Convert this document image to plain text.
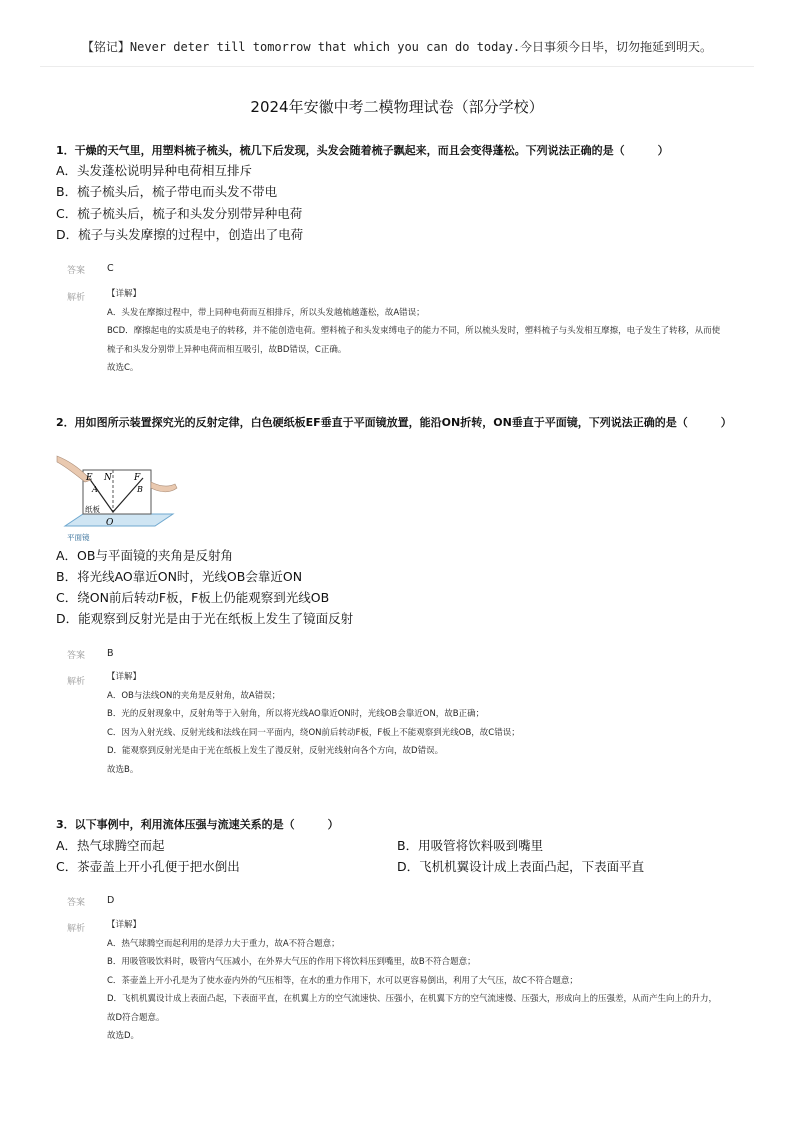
【铭记】Never deter till tomorrow that which you can do today.今日事须今日毕，切勿拖延到明天。
2024年安徽中考二模物理试卷（部分学校）
1．干燥的天气里，用塑料梳子梳头，梳几下后发现，头发会随着梳子飘起来，而且会变得蓬松。下列说法正确的是（　　　）
A．头发蓬松说明异种电荷相互排斥
B．梳子梳头后，梳子带电而头发不带电
C．梳子梳头后，梳子和头发分别带异种电荷
D．梳子与头发摩擦的过程中，创造出了电荷
答案 C
解析	【详解】
A．头发在摩擦过程中，带上同种电荷而互相排斥，所以头发越梳越蓬松，故A错误；
BCD．摩擦起电的实质是电子的转移，并不能创造电荷。塑料梳子和头发束缚电子的能力不同，所以梳头发时，塑料梳子与头发相互摩擦，电子发生了转移，从而使梳子和头发分别带上异种电荷而相互吸引，故BD错误，C正确。
故选C。
2．用如图所示装置探究光的反射定律，白色硬纸板EF垂直于平面镜放置，能沿ON折转，ON垂直于平面镜，下列说法正确的是（　　　）
E N F
A	B
O
纸板
平面镜
A．OB与平面镜的夹角是反射角
B．将光线AO靠近ON时，光线OB会靠近ON
C．绕ON前后转动F板，F板上仍能观察到光线OB
D．能观察到反射光是由于光在纸板上发生了镜面反射
答案 B
解析	【详解】
A．OB与法线ON的夹角是反射角，故A错误；
B．光的反射现象中，反射角等于入射角，所以将光线AO靠近ON时，光线OB会靠近ON，故B正确；
C．因为入射光线、反射光线和法线在同一平面内，绕ON前后转动F板，F板上不能观察到光线OB，故C错误；
D．能观察到反射光是由于光在纸板上发生了漫反射，反射光线射向各个方向，故D错误。
故选B。
3．以下事例中，利用流体压强与流速关系的是（　　　）
A．热气球腾空而起	B．用吸管将饮料吸到嘴里
C．茶壶盖上开小孔便于把水倒出	D．飞机机翼设计成上表面凸起，下表面平直
答案 D
解析	【详解】
A．热气球腾空而起利用的是浮力大于重力，故A不符合题意；
B．用吸管吸饮料时，吸管内气压减小，在外界大气压的作用下将饮料压到嘴里，故B不符合题意；
C．茶壶盖上开小孔是为了使水壶内外的气压相等，在水的重力作用下，水可以更容易倒出，利用了大气压，故C不符合题意；
D．飞机机翼设计成上表面凸起，下表面平直，在机翼上方的空气流速快、压强小，在机翼下方的空气流速慢、压强大，形成向上的压强差，从而产生向上的升力，故D符合题意。
故选D。
